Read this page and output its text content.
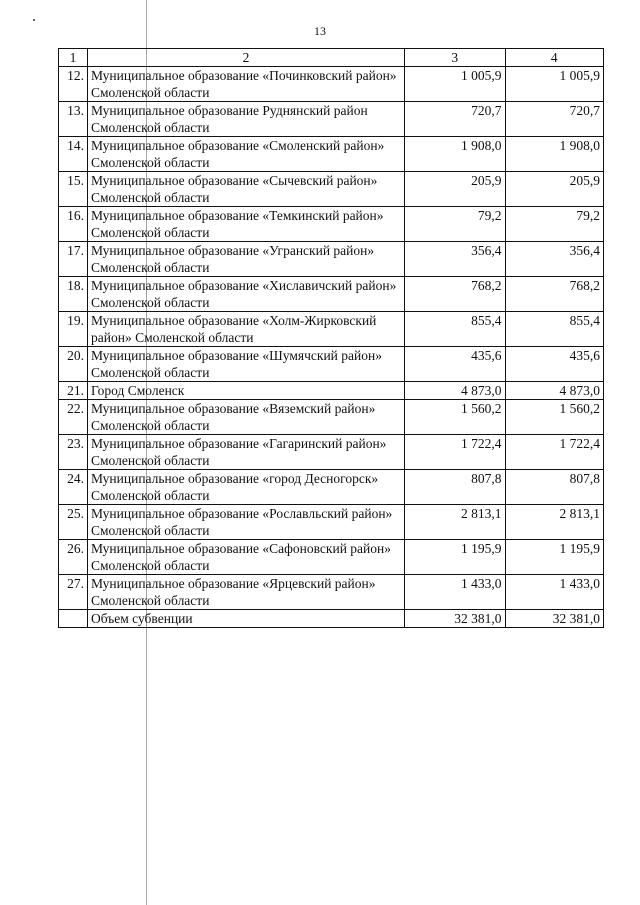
13
1	2	3	4
12.	Муниципальное образование «Починковский район» Смоленской области	1 005,9	1 005,9
13.	Муниципальное образование Руднянский район Смоленской области	720,7	720,7
14.	Муниципальное образование «Смоленский район» Смоленской области	1 908,0	1 908,0
15.	Муниципальное образование «Сычевский район» Смоленской области	205,9	205,9
16.	Муниципальное образование «Темкинский район» Смоленской области	79,2	79,2
17.	Муниципальное образование «Угранский район» Смоленской области	356,4	356,4
18.	Муниципальное образование «Хиславичский район» Смоленской области	768,2	768,2
19.	Муниципальное образование «Холм-Жирковский район» Смоленской области	855,4	855,4
20.	Муниципальное образование «Шумячский район» Смоленской области	435,6	435,6
21.	Город Смоленск	4 873,0	4 873,0
22.	Муниципальное образование «Вяземский район» Смоленской области	1 560,2	1 560,2
23.	Муниципальное образование «Гагаринский район» Смоленской области	1 722,4	1 722,4
24.	Муниципальное образование «город Десногорск» Смоленской области	807,8	807,8
25.	Муниципальное образование «Рославльский район» Смоленской области	2 813,1	2 813,1
26.	Муниципальное образование «Сафоновский район» Смоленской области	1 195,9	1 195,9
27.	Муниципальное образование «Ярцевский район» Смоленской области	1 433,0	1 433,0
	Объем субвенции	32 381,0	32 381,0
